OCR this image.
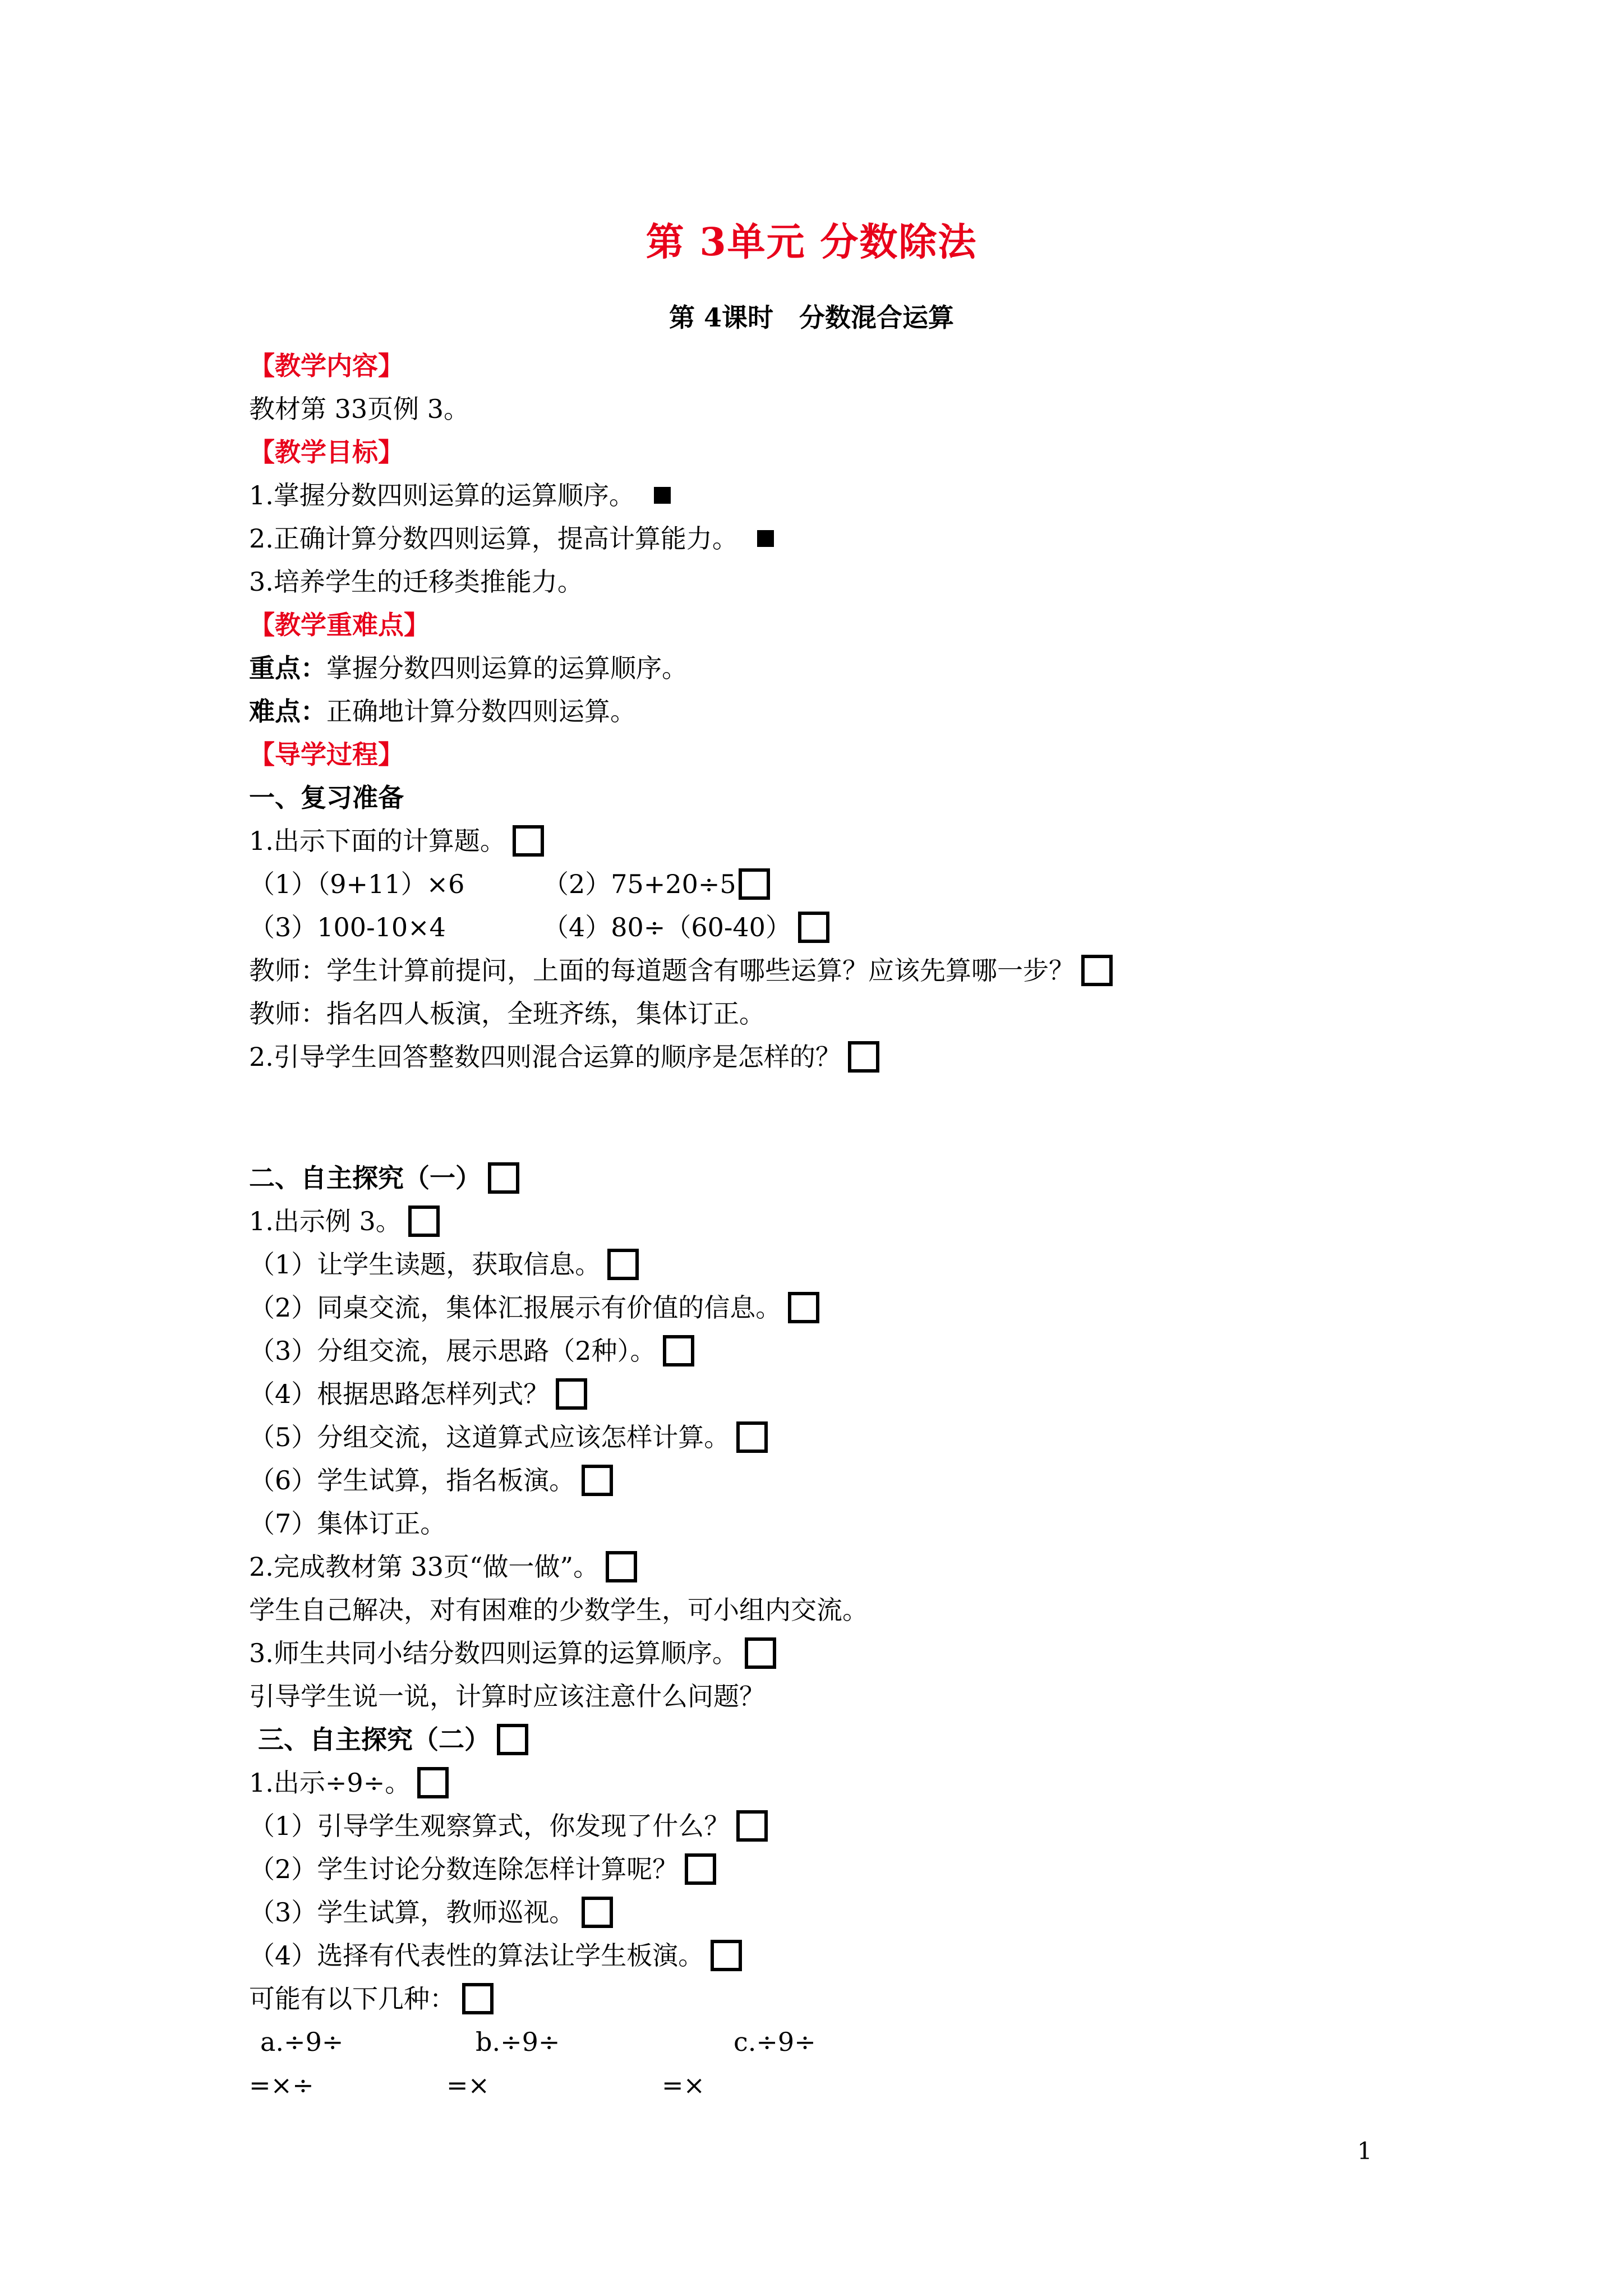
第 3单元 分数除法
第 4课时　分数混合运算
【教学内容】
教材第 33页例 3。
【教学目标】
1.掌握分数四则运算的运算顺序。
2.正确计算分数四则运算，提高计算能力。
3.培养学生的迁移类推能力。
【教学重难点】
重点： 掌握分数四则运算的运算顺序。
难点： 正确地计算分数四则运算。
【导学过程】
一、复习准备
1.出示下面的计算题。
（1）（9+11）×6	（2）75+20÷5
（3）100-10×4	（4）80÷（60-40）
教师：学生计算前提问，上面的每道题含有哪些运算？应该先算哪一步？
教师：指名四人板演，全班齐练，集体订正。
2.引导学生回答整数四则混合运算的顺序是怎样的？
二、自主探究（一）
1.出示例 3。
（1）让学生读题，获取信息。
（2）同桌交流，集体汇报展示有价值的信息。
（3）分组交流，展示思路（2种）。
（4）根据思路怎样列式？
（5）分组交流，这道算式应该怎样计算。
（6）学生试算，指名板演。
（7）集体订正。
2.完成教材第 33页“做一做”。
学生自己解决，对有困难的少数学生，可小组内交流。
3.师生共同小结分数四则运算的运算顺序。
引导学生说一说，计算时应该注意什么问题？
三、自主探究（二）
1.出示÷9÷。
（1）引导学生观察算式，你发现了什么？
（2）学生讨论分数连除怎样计算呢？
（3）学生试算，教师巡视。
（4）选择有代表性的算法让学生板演。
可能有以下几种：
a.÷9÷	b.÷9÷	c.÷9÷
=×÷	=×	=×
1
